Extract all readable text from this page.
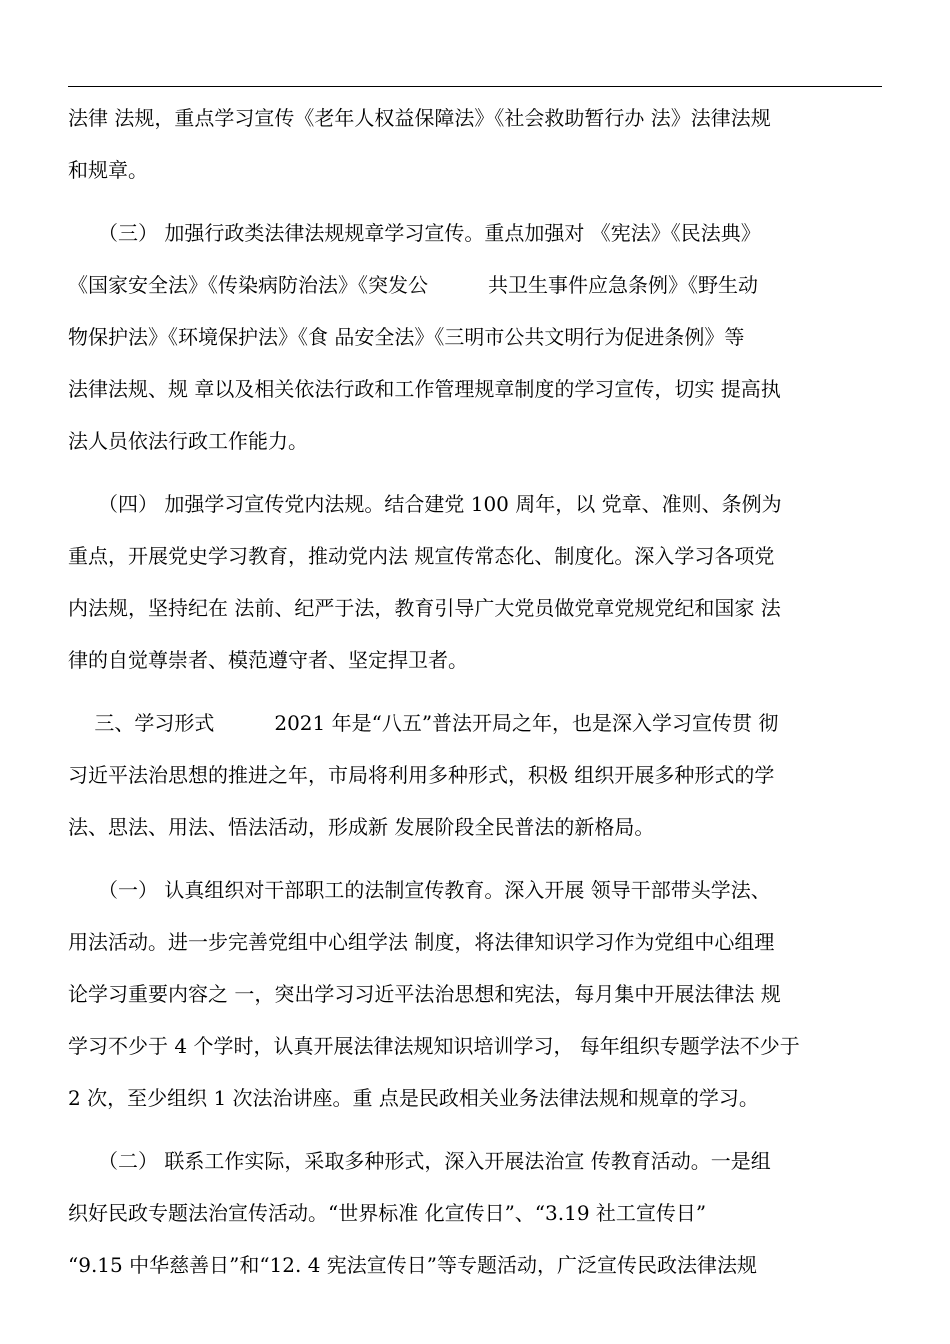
法律 法规，重点学习宣传《老年人权益保障法》《社会救助暂行办 法》法律法规
和规章。
　　（三） 加强行政类法律法规规章学习宣传。重点加强对 《宪法》《民法典》
《国家安全法》《传染病防治法》《突发公　　　共卫生事件应急条例》《野生动
物保护法》《环境保护法》《食 品安全法》《三明市公共文明行为促进条例》等
法律法规、规 章以及相关依法行政和工作管理规章制度的学习宣传，切实 提高执
法人员依法行政工作能力。
　　（四） 加强学习宣传党内法规。结合建党 100 周年，以 党章、准则、条例为
重点，开展党史学习教育，推动党内法 规宣传常态化、制度化。深入学习各项党
内法规，坚持纪在 法前、纪严于法，教育引导广大党员做党章党规党纪和国家 法
律的自觉尊崇者、模范遵守者、坚定捍卫者。
　 三、学习形式　　　2021 年是“八五”普法开局之年，也是深入学习宣传贯 彻
习近平法治思想的推进之年，市局将利用多种形式，积极 组织开展多种形式的学
法、思法、用法、悟法活动，形成新 发展阶段全民普法的新格局。
　　（一） 认真组织对干部职工的法制宣传教育。深入开展 领导干部带头学法、
用法活动。进一步完善党组中心组学法 制度，将法律知识学习作为党组中心组理
论学习重要内容之 一，突出学习习近平法治思想和宪法，每月集中开展法律法 规
学习不少于 4 个学时，认真开展法律法规知识培训学习， 每年组织专题学法不少于
2 次，至少组织 1 次法治讲座。重 点是民政相关业务法律法规和规章的学习。
　　（二） 联系工作实际，采取多种形式，深入开展法治宣 传教育活动。一是组
织好民政专题法治宣传活动。“世界标准 化宣传日”、“3.19 社工宣传日”
“9.15 中华慈善日”和“12. 4 宪法宣传日”等专题活动，广泛宣传民政法律法规
